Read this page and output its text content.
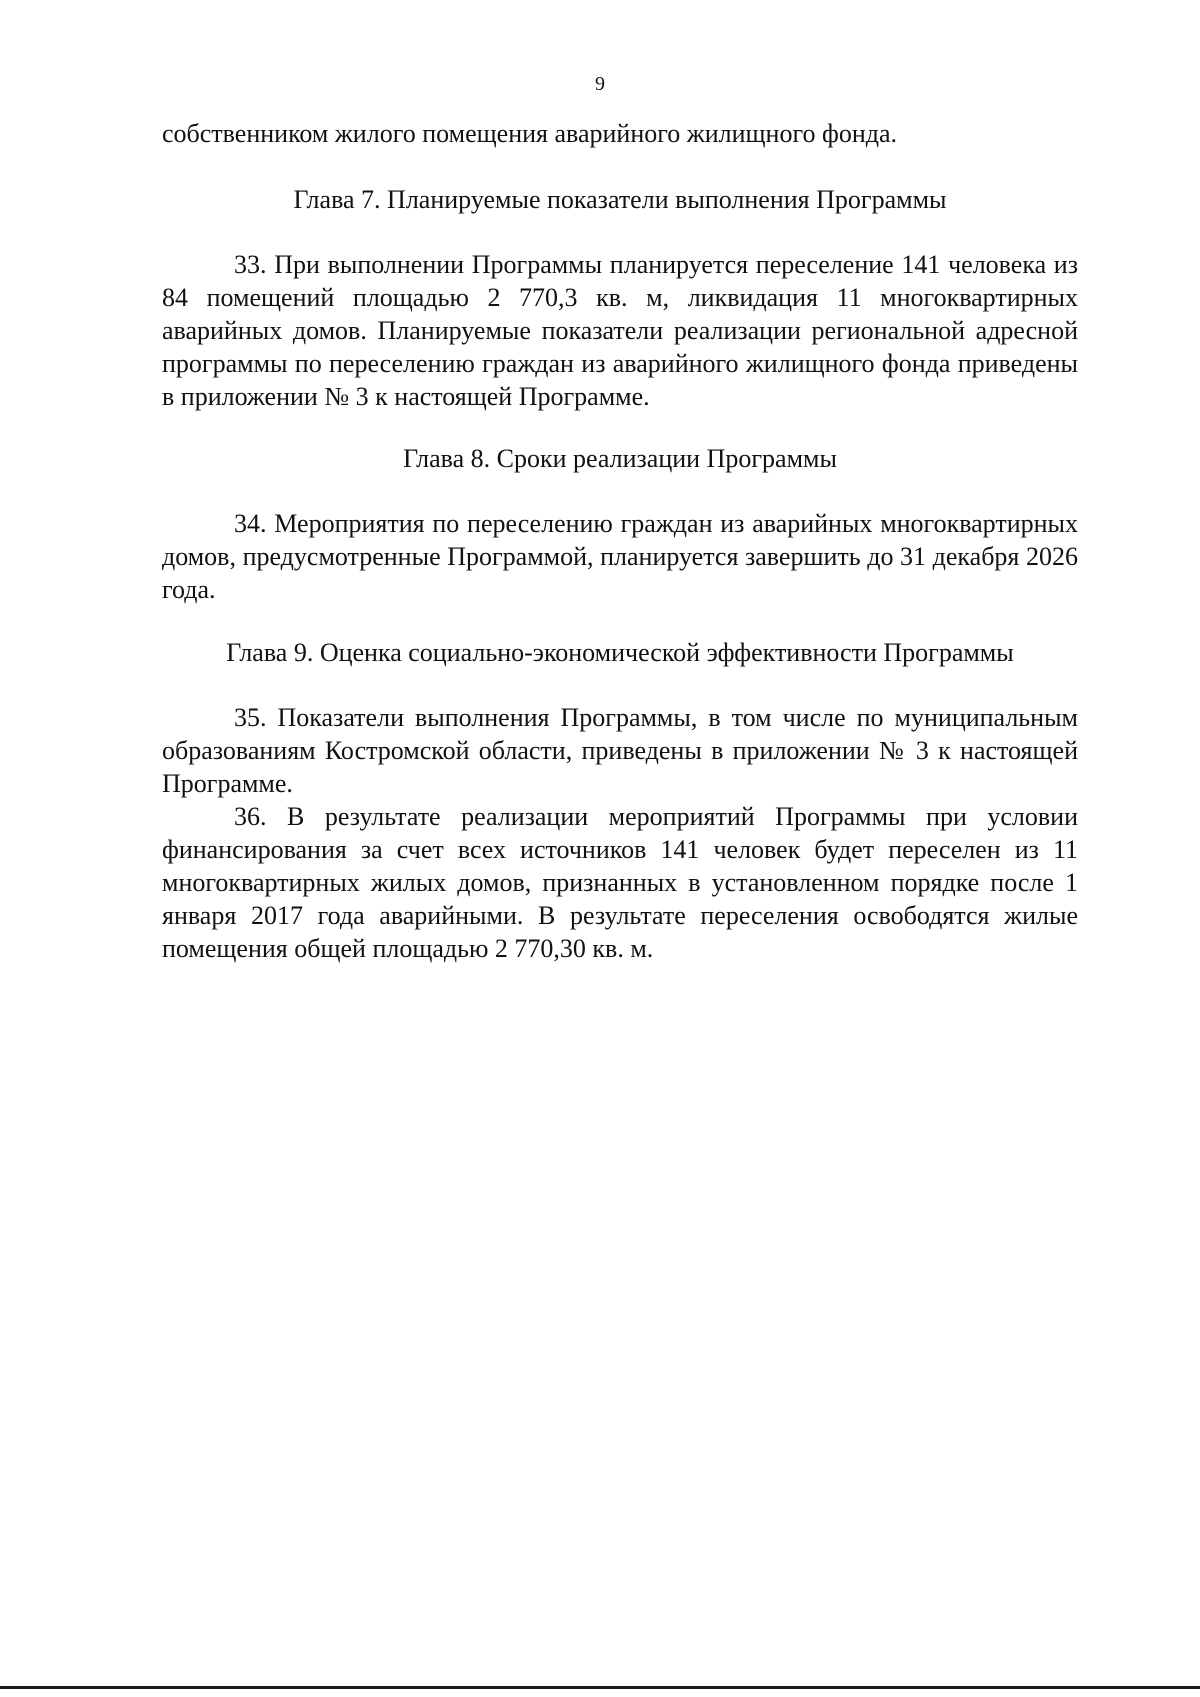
9
собственником жилого помещения аварийного жилищного фонда.
Глава 7. Планируемые показатели выполнения Программы

33. При выполнении Программы планируется переселение 141 человека из 84 помещений площадью 2 770,3 кв. м, ликвидация 11 многоквартирных аварийных домов. Планируемые показатели реализации региональной адресной программы по переселению граждан из аварийного жилищного фонда приведены в приложении № 3 к настоящей Программе.

Глава 8. Сроки реализации Программы

34. Мероприятия по переселению граждан из аварийных многоквартирных домов, предусмотренные Программой, планируется завершить до 31 декабря 2026 года.

Глава 9. Оценка социально-экономической эффективности Программы

35. Показатели выполнения Программы, в том числе по муниципальным образованиям Костромской области, приведены в приложении № 3 к настоящей Программе.

36. В результате реализации мероприятий Программы при условии финансирования за счет всех источников 141 человек будет переселен из 11 многоквартирных жилых домов, признанных в установленном порядке после 1 января 2017 года аварийными. В результате переселения освободятся жилые помещения общей площадью 2 770,30 кв. м.
